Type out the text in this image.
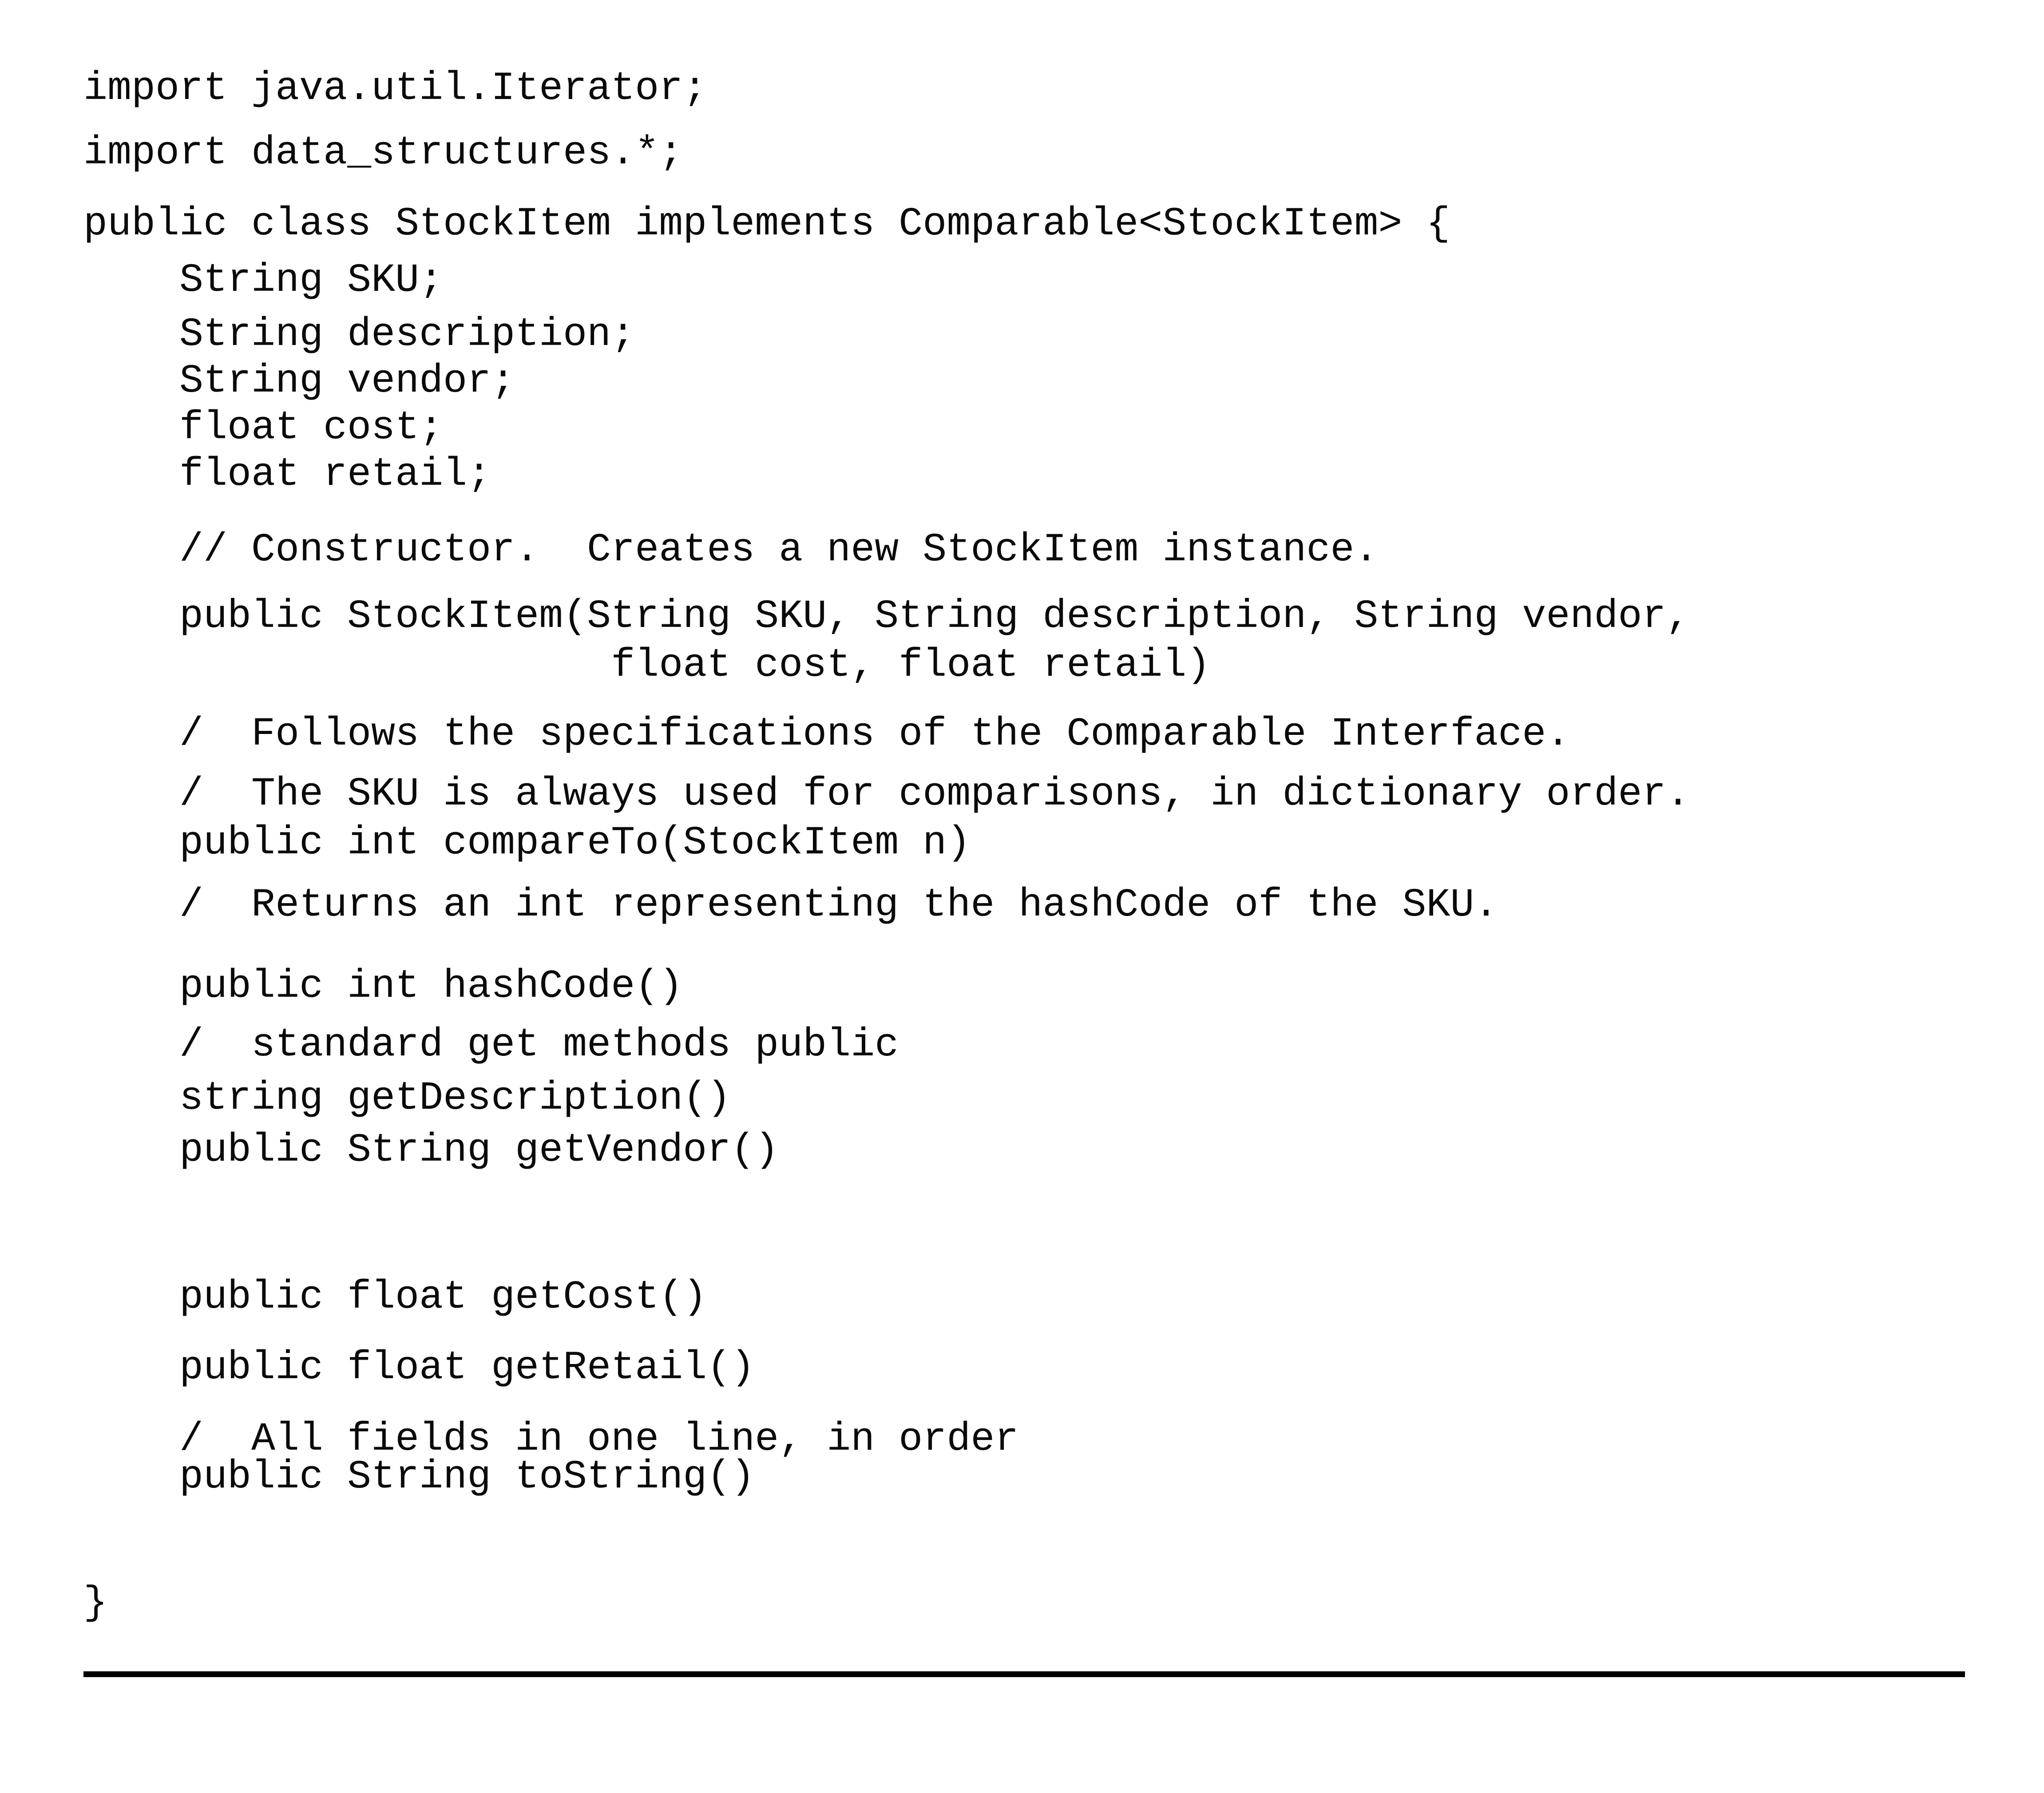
import java.util.Iterator;
import data_structures.*;
public class StockItem implements Comparable<StockItem> {
String SKU;
String description;
String vendor;
float cost;
float retail;
// Constructor.  Creates a new StockItem instance.
public StockItem(String SKU, String description, String vendor,
float cost, float retail)
/  Follows the specifications of the Comparable Interface.
/  The SKU is always used for comparisons, in dictionary order.
public int compareTo(StockItem n)
/  Returns an int representing the hashCode of the SKU.
public int hashCode()
/  standard get methods public
string getDescription()
public String getVendor()
public float getCost()
public float getRetail()
/  All fields in one line, in order
public String toString()
}
